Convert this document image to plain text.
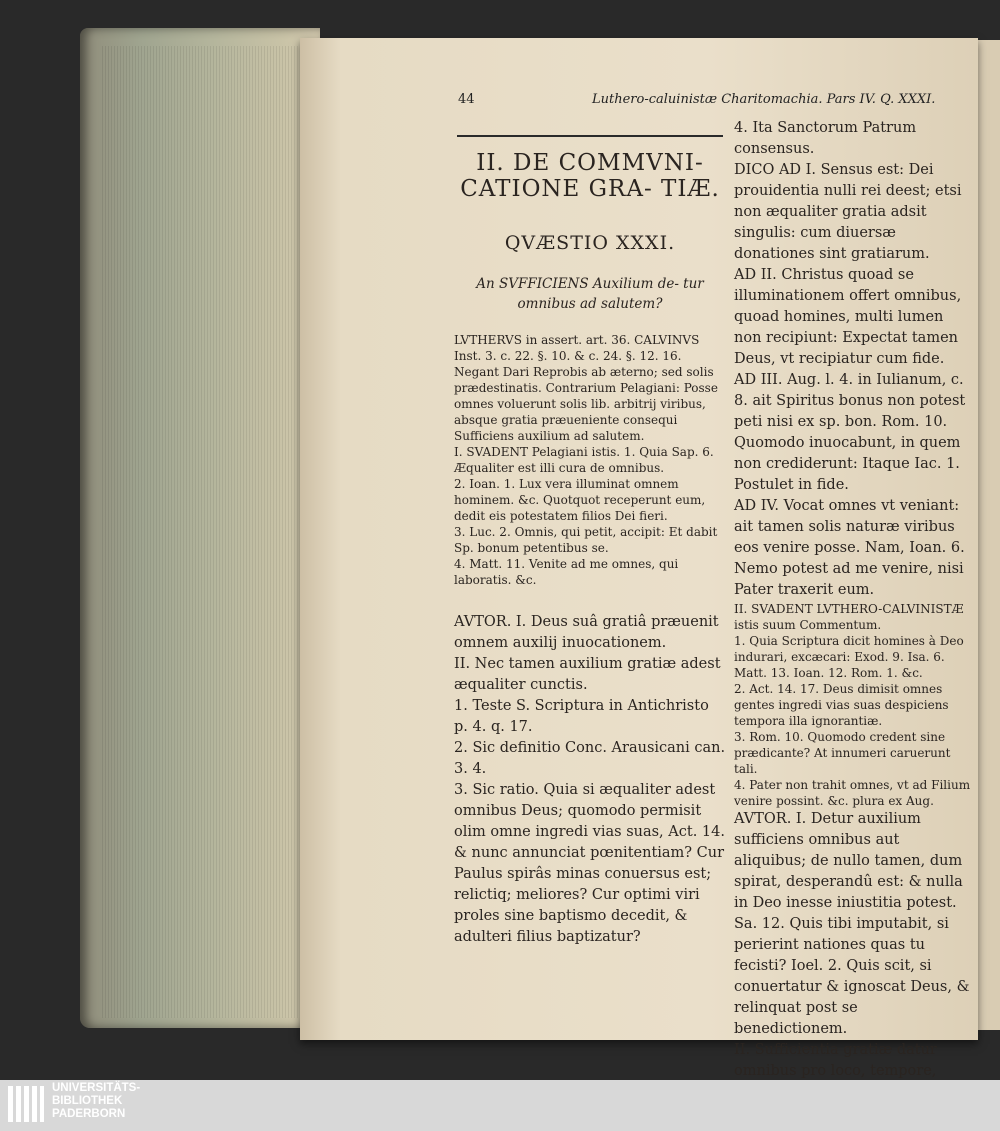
44	Luthero-caluinistæ Charitomachia. Pars IV. Q. XXXI.
II. DE COMMVNI- CATIONE GRA- TIÆ.
QVÆSTIO XXXI.
An SVFFICIENS Auxilium de- tur omnibus ad salutem?

LVTHERVS in assert. art. 36. CALVINVS Inst. 3. c. 22. §. 10. & c. 24. §. 12. 16. Negant Dari Reprobis ab æterno; sed solis prædestinatis. Contrarium Pelagiani: Posse omnes voluerunt solis lib. arbitrij viribus, absque gratia præueniente consequi Sufficiens auxilium ad salutem.

I. SVADENT Pelagiani istis. 1. Quia Sap. 6. Æqualiter est illi cura de omnibus.

2. Ioan. 1. Lux vera illuminat omnem hominem. &c. Quotquot receperunt eum, dedit eis potestatem filios Dei fieri.

3. Luc. 2. Omnis, qui petit, accipit: Et dabit Sp. bonum petentibus se.

4. Matt. 11. Venite ad me omnes, qui laboratis. &c.

AVTOR. I. Deus suâ gratiâ præuenit omnem auxilij inuocationem.

II. Nec tamen auxilium gratiæ adest æqualiter cunctis.

1. Teste S. Scriptura in Antichristo p. 4. q. 17.

2. Sic definitio Conc. Arausicani can. 3. 4.

3. Sic ratio. Quia si æqualiter adest omnibus Deus; quomodo permisit olim omne ingredi vias suas, Act. 14. & nunc annunciat pœnitentiam? Cur Paulus spirâs minas conuersus est; relictiq; meliores? Cur optimi viri proles sine baptismo decedit, & adulteri filius baptizatur?

4. Ita Sanctorum Patrum consensus.

DICO AD I. Sensus est: Dei prouidentia nulli rei deest; etsi non æqualiter gratia adsit singulis: cum diuersæ donationes sint gratiarum.

AD II. Christus quoad se illuminationem offert omnibus, quoad homines, multi lumen non recipiunt: Expectat tamen Deus, vt recipiatur cum fide.

AD III. Aug. l. 4. in Iulianum, c. 8. ait Spiritus bonus non potest peti nisi ex sp. bon. Rom. 10. Quomodo inuocabunt, in quem non crediderunt: Itaque Iac. 1. Postulet in fide.

AD IV. Vocat omnes vt veniant: ait tamen solis naturæ viribus eos venire posse. Nam, Ioan. 6. Nemo potest ad me venire, nisi Pater traxerit eum.

II. SVADENT LVTHERO-CALVINISTÆ istis suum Commentum.

1. Quia Scriptura dicit homines à Deo indurari, excæcari: Exod. 9. Isa. 6. Matt. 13. Ioan. 12. Rom. 1. &c.

2. Act. 14. 17. Deus dimisit omnes gentes ingredi vias suas despiciens tempora illa ignorantiæ.

3. Rom. 10. Quomodo credent sine prædicante? At innumeri caruerunt tali.

4. Pater non trahit omnes, vt ad Filium venire possint. &c. plura ex Aug.

AVTOR. I. Detur auxilium sufficiens omnibus aut aliquibus; de nullo tamen, dum spirat, desperandû est: & nulla in Deo inesse iniustitia potest. Sa. 12. Quis tibi imputabit, si perierint nationes quas tu fecisti? Ioel. 2. Quis scit, si conuertatur & ignoscat Deus, & relinquat post se benedictionem.

II. Sufficientia gratiæ datur omnibus pro loco, tempore,

UNIVERSITÄTS-
BIBLIOTHEK
PADERBORN
